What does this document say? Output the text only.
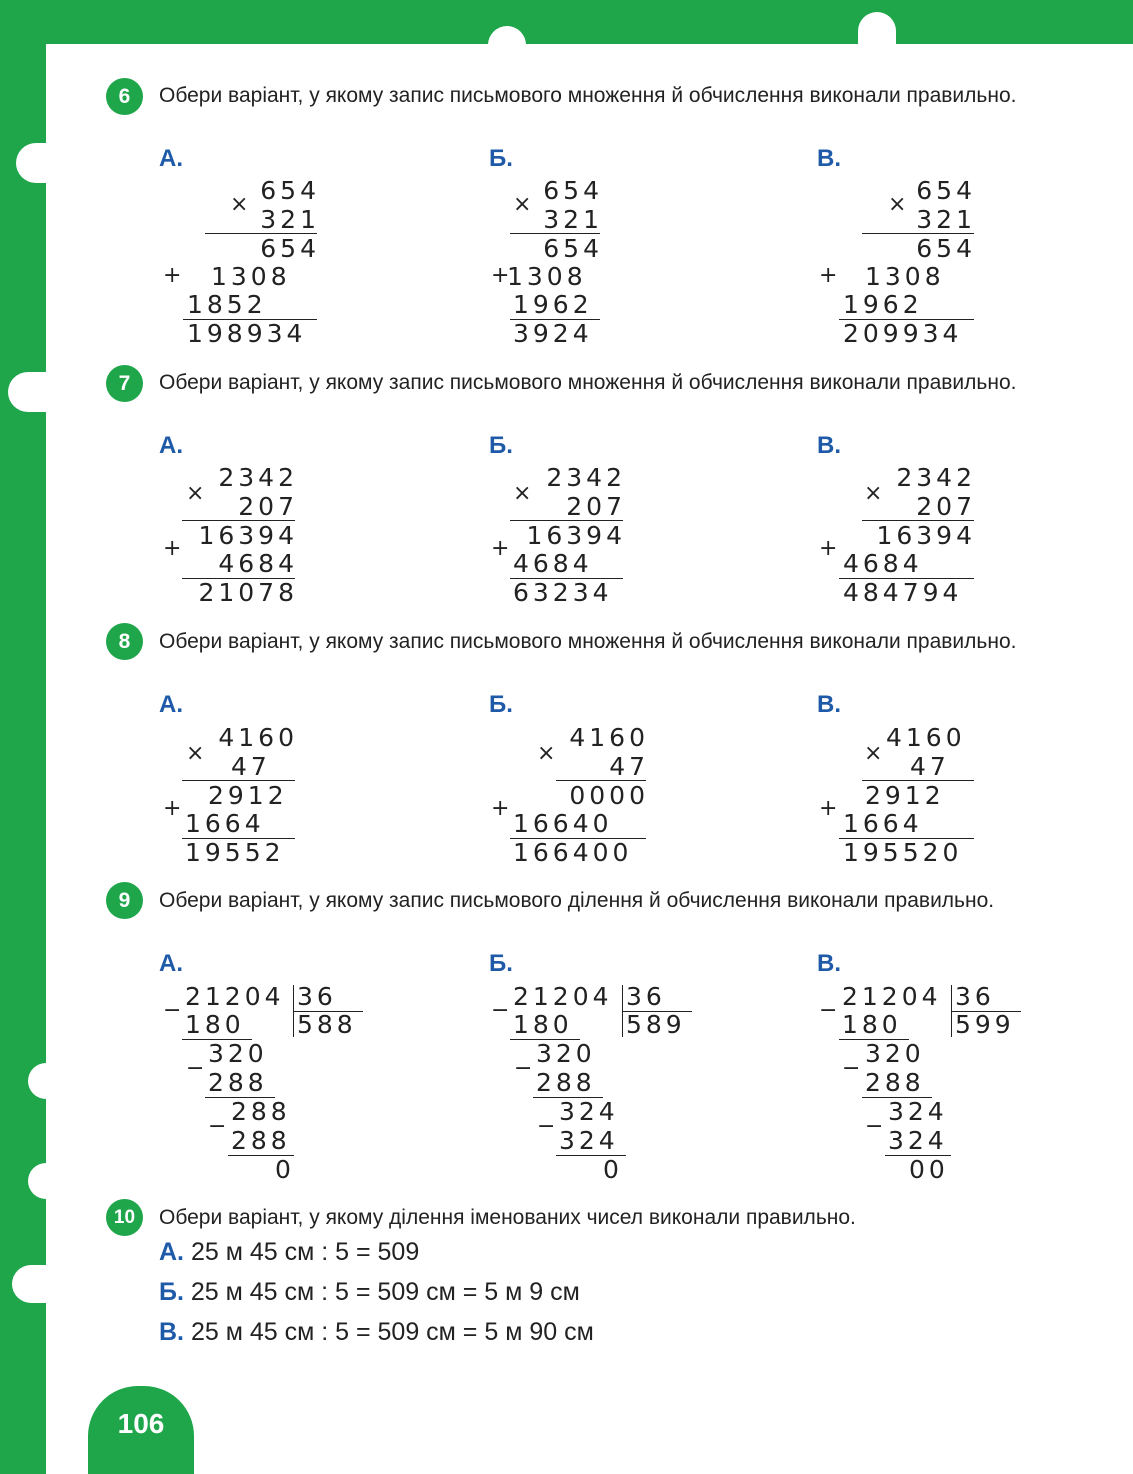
6	Обери варіант, у якому запис письмового множення й обчислення виконали правильно.
А.	Б.	В.
× 654
321
654
+ 1308
1852
198934
× 654
321
654
+
1308
1962
3924
× 654
321
654
+ 1308
1962
209934
7	Обери варіант, у якому запис письмового множення й обчислення виконали правильно.
А.	Б.	В.
×
2342
207
16394
+
4684
21078
×
2342
207
16394
+
4684
63234
×
2342
207
16394
+
4684
484794
8	Обери варіант, у якому запис письмового множення й обчислення виконали правильно.
А.	Б.	В.
×
4160
47
2912
+
1664
19552
×
4160
47
0000
+
16640
166400
×
4160
47
2912
+
1664
195520
9	Обери варіант, у якому запис письмового ділення й обчислення виконали правильно.
А.	Б.	В.
− 21204 36
588
180
−
320
288
−
288
288
0
− 21204 36
589
180
−
320
288
−
324
324
0
− 21204 36
599
180
−
320
288
−
324
324
00
10	Обери варіант, у якому ділення іменованих чисел виконали правильно.
А. 25 м 45 см : 5 = 509
Б. 25 м 45 см : 5 = 509 см = 5 м 9 см
В. 25 м 45 см : 5 = 509 см = 5 м 90 см
106
